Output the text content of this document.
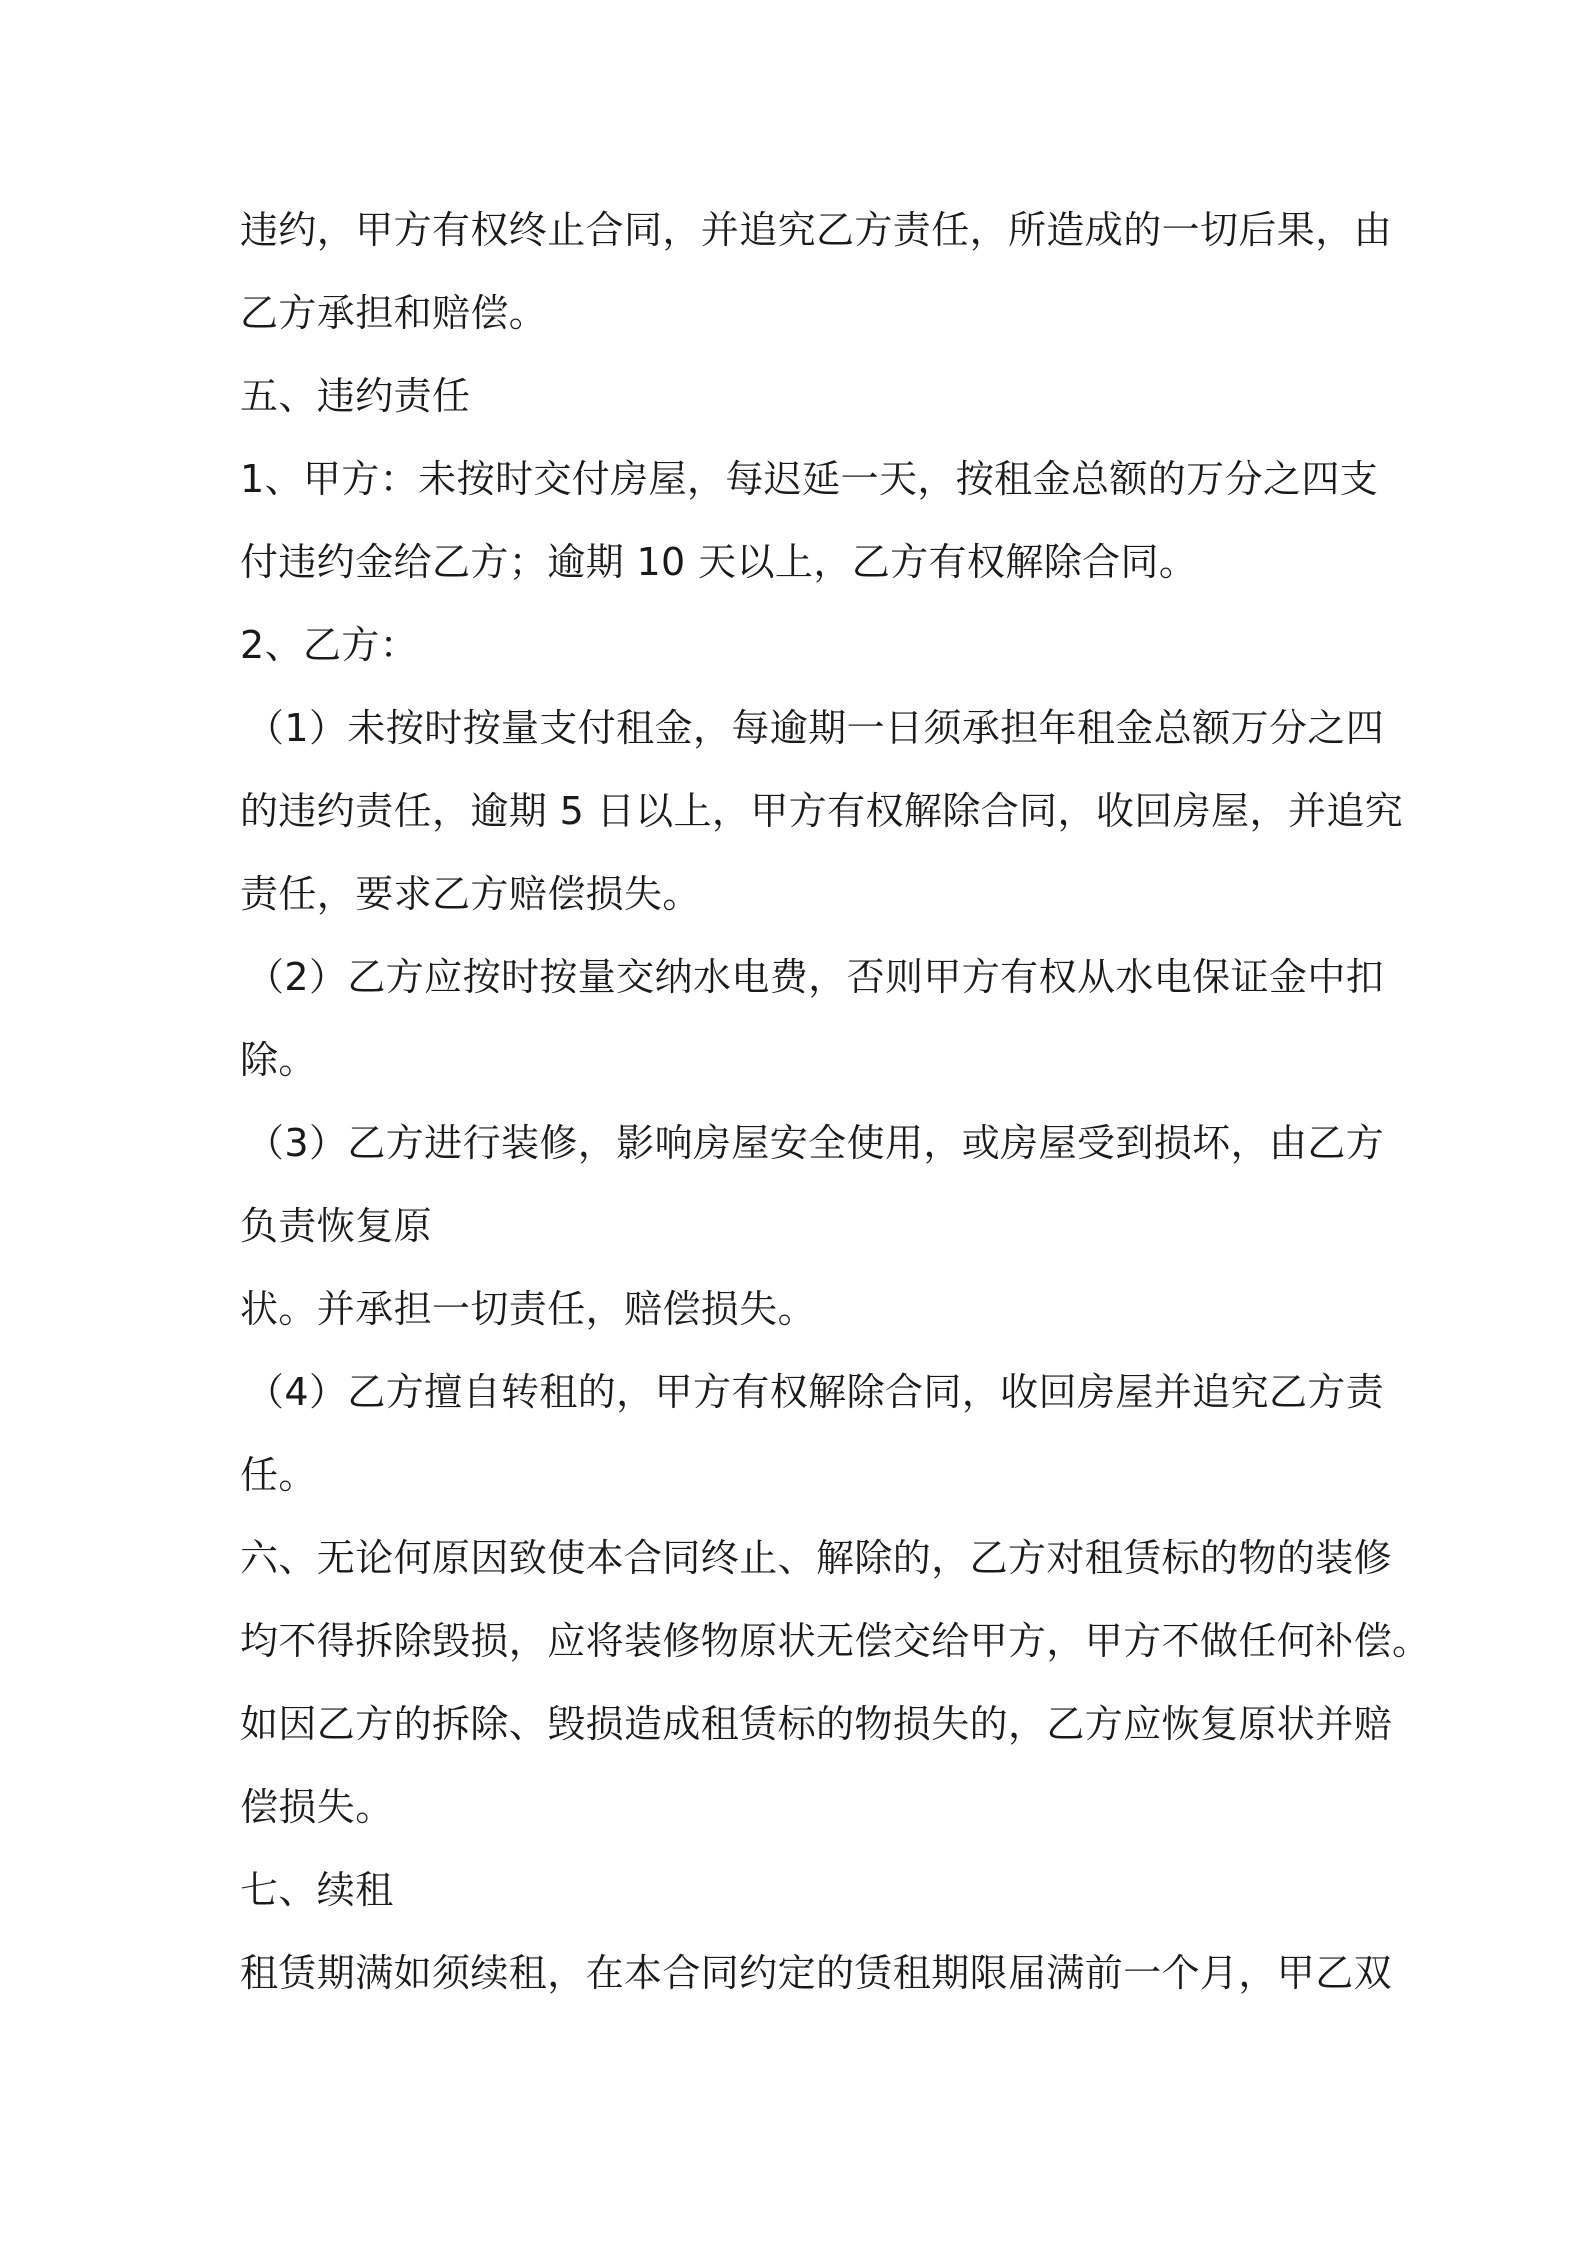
违约，甲方有权终止合同，并追究乙方责任，所造成的一切后果，由
乙方承担和赔偿。
五、违约责任
1、甲方：未按时交付房屋，每迟延一天，按租金总额的万分之四支
付违约金给乙方；逾期 10 天以上，乙方有权解除合同。
2、乙方：
（1）未按时按量支付租金，每逾期一日须承担年租金总额万分之四
的违约责任，逾期 5 日以上，甲方有权解除合同，收回房屋，并追究
责任，要求乙方赔偿损失。
（2）乙方应按时按量交纳水电费，否则甲方有权从水电保证金中扣
除。
（3）乙方进行装修，影响房屋安全使用，或房屋受到损坏，由乙方
负责恢复原
状。并承担一切责任，赔偿损失。
（4）乙方擅自转租的，甲方有权解除合同，收回房屋并追究乙方责
任。
六、无论何原因致使本合同终止、解除的，乙方对租赁标的物的装修
均不得拆除毁损，应将装修物原状无偿交给甲方，甲方不做任何补偿。
如因乙方的拆除、毁损造成租赁标的物损失的，乙方应恢复原状并赔
偿损失。
七、续租
租赁期满如须续租，在本合同约定的赁租期限届满前一个月，甲乙双
